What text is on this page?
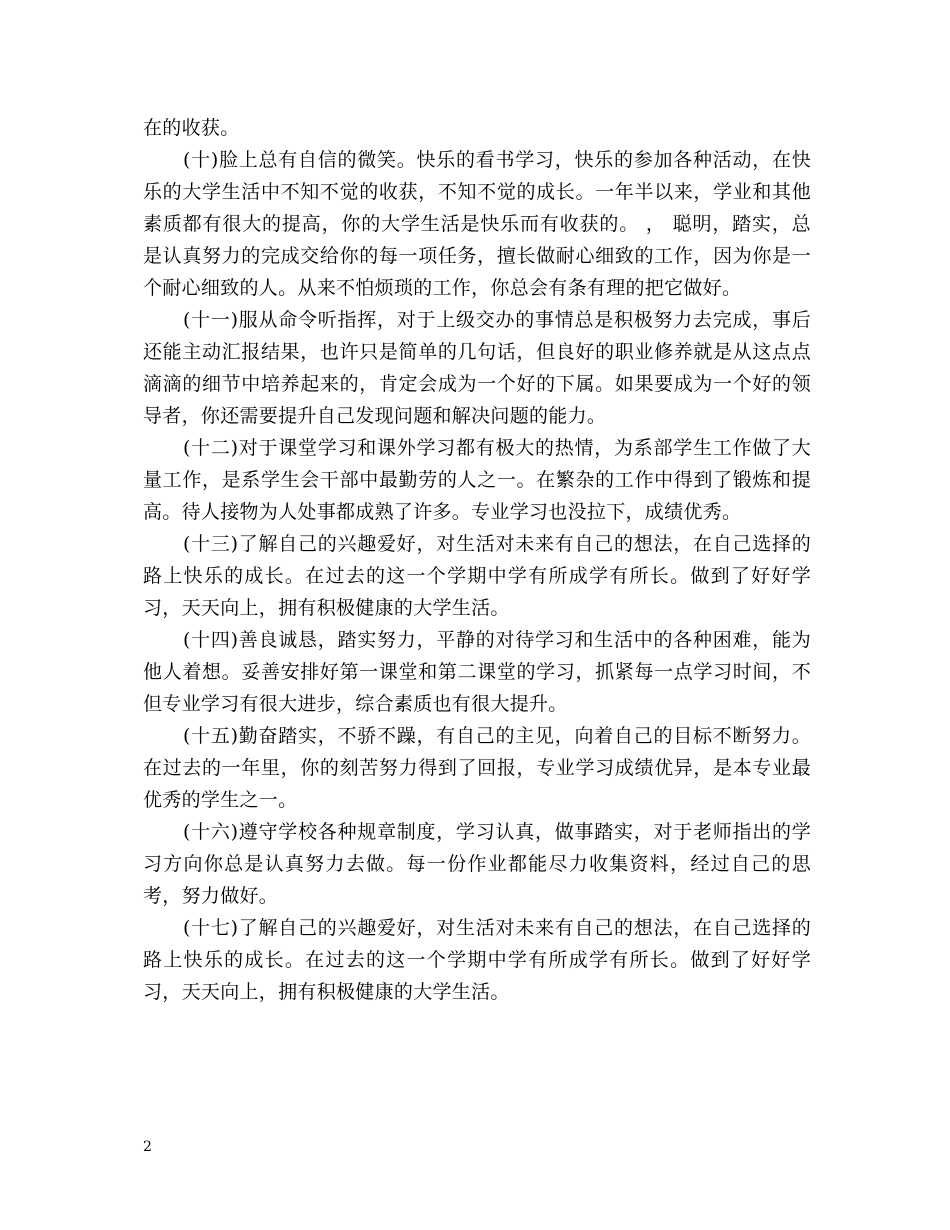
在的收获。

(十)脸上总有自信的微笑。快乐的看书学习，快乐的参加各种活动，在快乐的大学生活中不知不觉的收获，不知不觉的成长。一年半以来，学业和其他素质都有很大的提高，你的大学生活是快乐而有收获的。 ， 聪明，踏实，总是认真努力的完成交给你的每一项任务，擅长做耐心细致的工作，因为你是一个耐心细致的人。从来不怕烦琐的工作，你总会有条有理的把它做好。

(十一)服从命令听指挥，对于上级交办的事情总是积极努力去完成，事后还能主动汇报结果，也许只是简单的几句话，但良好的职业修养就是从这点点滴滴的细节中培养起来的，肯定会成为一个好的下属。如果要成为一个好的领导者，你还需要提升自己发现问题和解决问题的能力。

(十二)对于课堂学习和课外学习都有极大的热情，为系部学生工作做了大量工作，是系学生会干部中最勤劳的人之一。在繁杂的工作中得到了锻炼和提高。待人接物为人处事都成熟了许多。专业学习也没拉下，成绩优秀。

(十三)了解自己的兴趣爱好，对生活对未来有自己的想法，在自己选择的路上快乐的成长。在过去的这一个学期中学有所成学有所长。做到了好好学习，天天向上，拥有积极健康的大学生活。

(十四)善良诚恳，踏实努力，平静的对待学习和生活中的各种困难，能为他人着想。妥善安排好第一课堂和第二课堂的学习，抓紧每一点学习时间，不但专业学习有很大进步，综合素质也有很大提升。

(十五)勤奋踏实，不骄不躁，有自己的主见，向着自己的目标不断努力。在过去的一年里，你的刻苦努力得到了回报，专业学习成绩优异，是本专业最优秀的学生之一。

(十六)遵守学校各种规章制度，学习认真，做事踏实，对于老师指出的学习方向你总是认真努力去做。每一份作业都能尽力收集资料，经过自己的思考，努力做好。

(十七)了解自己的兴趣爱好，对生活对未来有自己的想法，在自己选择的路上快乐的成长。在过去的这一个学期中学有所成学有所长。做到了好好学习，天天向上，拥有积极健康的大学生活。

2
